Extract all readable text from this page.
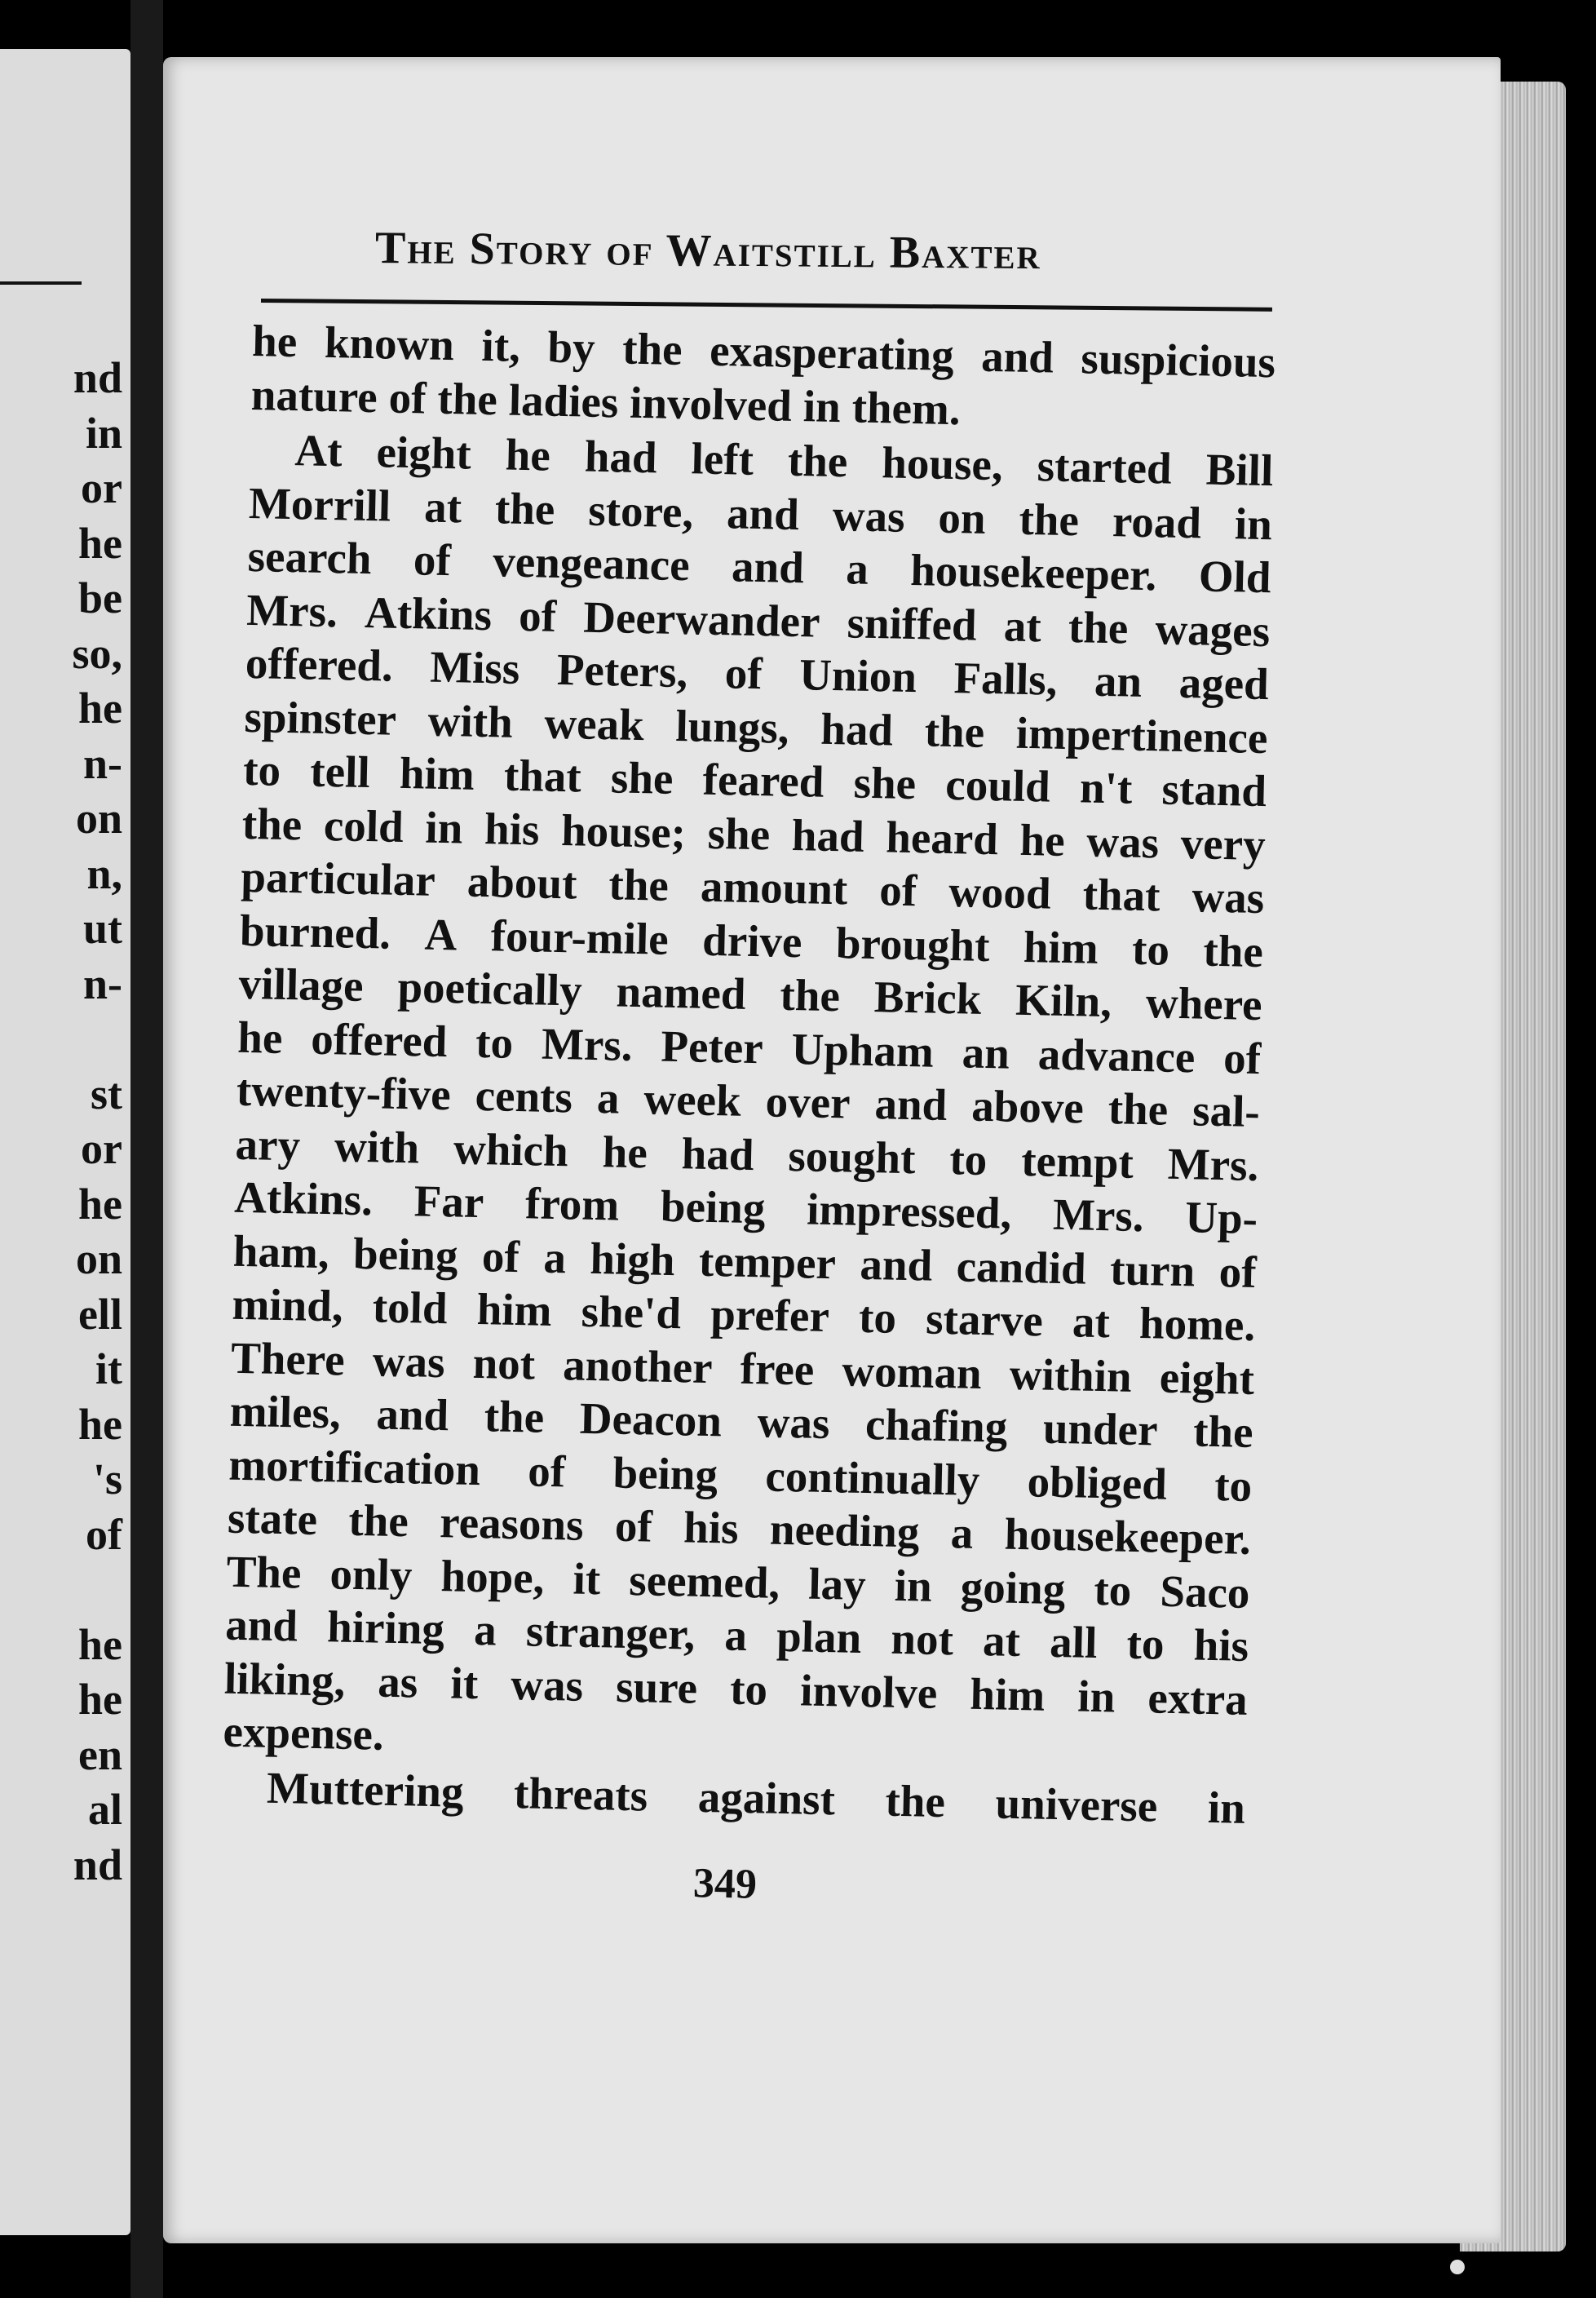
nd
in
or
he
be
so,
he
n-
on
n,
ut
n-
st
or
he
on
ell
it
he
's
of
he
he
en
al
nd
The Story of Waitstill Baxter
he known it, by the exasperating and suspicious
nature of the ladies involved in them.
At eight he had left the house, started Bill
Morrill at the store, and was on the road in
search of vengeance and a housekeeper. Old
Mrs. Atkins of Deerwander sniffed at the wages
offered. Miss Peters, of Union Falls, an aged
spinster with weak lungs, had the impertinence
to tell him that she feared she could n't stand
the cold in his house; she had heard he was very
particular about the amount of wood that was
burned. A four-mile drive brought him to the
village poetically named the Brick Kiln, where
he offered to Mrs. Peter Upham an advance of
twenty-five cents a week over and above the sal-
ary with which he had sought to tempt Mrs.
Atkins. Far from being impressed, Mrs. Up-
ham, being of a high temper and candid turn of
mind, told him she'd prefer to starve at home.
There was not another free woman within eight
miles, and the Deacon was chafing under the
mortification of being continually obliged to
state the reasons of his needing a housekeeper.
The only hope, it seemed, lay in going to Saco
and hiring a stranger, a plan not at all to his
liking, as it was sure to involve him in extra
expense.
Muttering threats against the universe in
349
